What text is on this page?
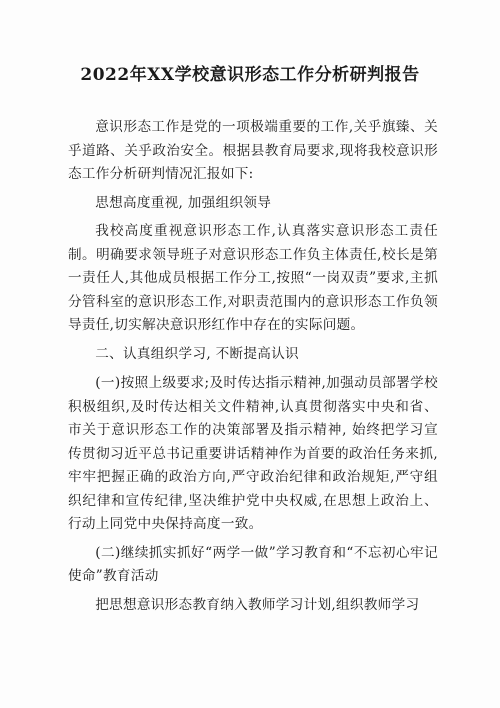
2022年XX学校意识形态工作分析研判报告

意识形态工作是党的一项极端重要的工作,关乎旗臻、关乎道路、关乎政治安全。根据县教育局要求,现将我校意识形态工作分析研判情况汇报如下:

思想高度重视, 加强组织领导

我校高度重视意识形态工作,认真落实意识形态工责任制。明确要求领导班子对意识形态工作负主体责任,校长是第一责任人,其他成员根据工作分工,按照“一岗双责”要求,主抓分管科室的意识形态工作,对职责范围内的意识形态工作负领导责任,切实解决意识形红作中存在的实际问题。

二、认真组织学习, 不断提高认识

(一)按照上级要求;及时传达指示精神,加强动员部署学校积极组织,及时传达相关文件精神,认真贯彻落实中央和省、市关于意识形态工作的决策部署及指示精神, 始终把学习宣传贯彻习近平总书记重要讲话精神作为首要的政治任务来抓,牢牢把握正确的政治方向,严守政治纪律和政治规矩,严守组织纪律和宣传纪律,坚决维护党中央权威,在思想上政治上、行动上同党中央保持高度一致。

(二)继续抓实抓好“两学一做”学习教育和“不忘初心牢记使命”教育活动

把思想意识形态教育纳入教师学习计划,组织教师学习
